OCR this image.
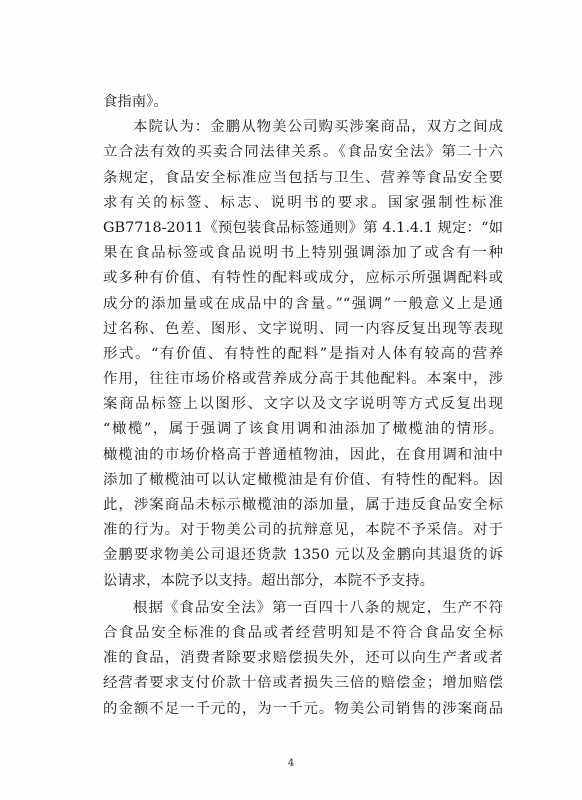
食指南》。
本院认为：金鹏从物美公司购买涉案商品，双方之间成
立合法有效的买卖合同法律关系。《食品安全法》第二十六
条规定，食品安全标准应当包括与卫生、营养等食品安全要
求有关的标签、标志、说明书的要求。国家强制性标准
GB7718-2011《预包装食品标签通则》第 4.1.4.1 规定：“如
果在食品标签或食品说明书上特别强调添加了或含有一种
或多种有价值、有特性的配料或成分，应标示所强调配料或
成分的添加量或在成品中的含量。”“强调”一般意义上是通
过名称、色差、图形、文字说明、同一内容反复出现等表现
形式。“有价值、有特性的配料”是指对人体有较高的营养
作用，往往市场价格或营养成分高于其他配料。本案中，涉
案商品标签上以图形、文字以及文字说明等方式反复出现
“橄榄”，属于强调了该食用调和油添加了橄榄油的情形。
橄榄油的市场价格高于普通植物油，因此，在食用调和油中
添加了橄榄油可以认定橄榄油是有价值、有特性的配料。因
此，涉案商品未标示橄榄油的添加量，属于违反食品安全标
准的行为。对于物美公司的抗辩意见，本院不予采信。对于
金鹏要求物美公司退还货款 1350 元以及金鹏向其退货的诉
讼请求，本院予以支持。超出部分，本院不予支持。
根据《食品安全法》第一百四十八条的规定，生产不符
合食品安全标准的食品或者经营明知是不符合食品安全标
准的食品，消费者除要求赔偿损失外，还可以向生产者或者
经营者要求支付价款十倍或者损失三倍的赔偿金；增加赔偿
的金额不足一千元的，为一千元。物美公司销售的涉案商品
4
